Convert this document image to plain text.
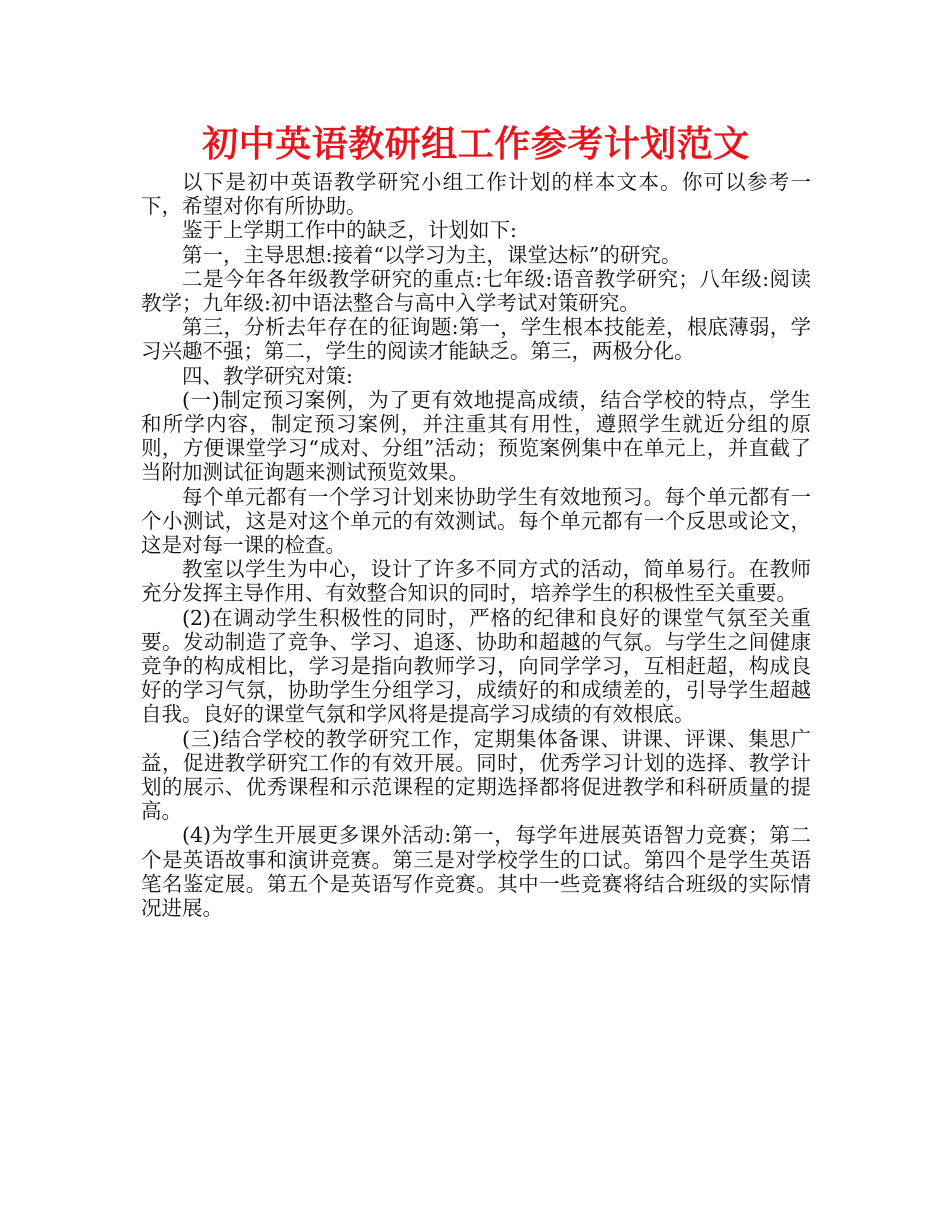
初中英语教研组工作参考计划范文

以下是初中英语教学研究小组工作计划的样本文本。你可以参考一下，希望对你有所协助。

鉴于上学期工作中的缺乏，计划如下:

第一，主导思想:接着“以学习为主，课堂达标”的研究。

二是今年各年级教学研究的重点:七年级:语音教学研究；八年级:阅读教学；九年级:初中语法整合与高中入学考试对策研究。

第三，分析去年存在的征询题:第一，学生根本技能差，根底薄弱，学习兴趣不强；第二，学生的阅读才能缺乏。第三，两极分化。

四、教学研究对策:

(一)制定预习案例，为了更有效地提高成绩，结合学校的特点，学生和所学内容，制定预习案例，并注重其有用性，遵照学生就近分组的原则，方便课堂学习“成对、分组”活动；预览案例集中在单元上，并直截了当附加测试征询题来测试预览效果。

每个单元都有一个学习计划来协助学生有效地预习。每个单元都有一个小测试，这是对这个单元的有效测试。每个单元都有一个反思或论文，这是对每一课的检查。

教室以学生为中心，设计了许多不同方式的活动，简单易行。在教师充分发挥主导作用、有效整合知识的同时，培养学生的积极性至关重要。

(2)在调动学生积极性的同时，严格的纪律和良好的课堂气氛至关重要。发动制造了竞争、学习、追逐、协助和超越的气氛。与学生之间健康竞争的构成相比，学习是指向教师学习，向同学学习，互相赶超，构成良好的学习气氛，协助学生分组学习，成绩好的和成绩差的，引导学生超越自我。良好的课堂气氛和学风将是提高学习成绩的有效根底。

(三)结合学校的教学研究工作，定期集体备课、讲课、评课、集思广益，促进教学研究工作的有效开展。同时，优秀学习计划的选择、教学计划的展示、优秀课程和示范课程的定期选择都将促进教学和科研质量的提高。

(4)为学生开展更多课外活动:第一，每学年进展英语智力竞赛；第二个是英语故事和演讲竞赛。第三是对学校学生的口试。第四个是学生英语笔名鉴定展。第五个是英语写作竞赛。其中一些竞赛将结合班级的实际情况进展。
